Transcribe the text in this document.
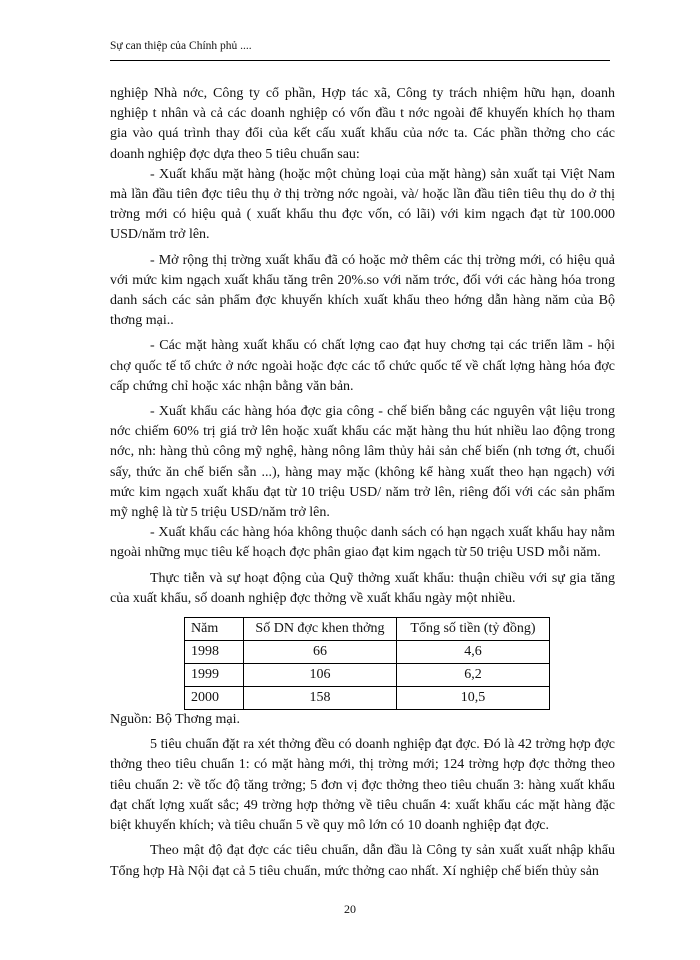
Sự can thiệp của Chính phủ ....

nghiệp Nhà nớc, Công ty cổ phần, Hợp tác xã, Công ty trách nhiệm hữu hạn, doanh nghiệp t nhân và cả các doanh nghiệp có vốn đầu t nớc ngoài để khuyến khích họ tham gia vào quá trình thay đổi của kết cấu xuất khẩu của nớc ta. Các phần thởng cho các doanh nghiệp đợc dựa theo 5 tiêu chuẩn sau:

- Xuất khẩu mặt hàng (hoặc một chủng loại của mặt hàng) sản xuất tại Việt Nam mà lần đầu tiên đợc tiêu thụ ở thị trờng nớc ngoài, và/ hoặc lần đầu tiên tiêu thụ do ở thị trờng mới có hiệu quả ( xuất khẩu thu đợc vốn, có lãi) với kim ngạch đạt từ 100.000 USD/năm trở lên.

- Mở rộng thị trờng xuất khẩu đã có hoặc mở thêm các thị trờng mới, có hiệu quả với mức kim ngạch xuất khẩu tăng trên 20%.so với năm trớc, đối với các hàng hóa trong danh sách các sản phẩm đợc khuyến khích xuất khẩu theo hớng dẫn hàng năm của Bộ thơng mại..

- Các mặt hàng xuất khẩu có chất lợng cao đạt huy chơng tại các triển lãm - hội chợ quốc tế tổ chức ở nớc ngoài hoặc đợc các tổ chức quốc tế về chất lợng hàng hóa đợc cấp chứng chỉ hoặc xác nhận bằng văn bản.

- Xuất khẩu các hàng hóa đợc gia công - chế biến bằng các nguyên vật liệu trong nớc chiếm 60% trị giá trở lên hoặc xuất khẩu các mặt hàng thu hút nhiều lao động trong nớc, nh: hàng thủ công mỹ nghệ, hàng nông lâm thủy hải sản chế biến (nh tơng ớt, chuối sấy, thức ăn chế biến sẵn ...), hàng may mặc (không kể hàng xuất theo hạn ngạch) với mức kim ngạch xuất khẩu đạt từ 10 triệu USD/ năm trở lên, riêng đối với các sản phẩm mỹ nghệ là từ 5 triệu USD/năm trở lên.

- Xuất khẩu các hàng hóa không thuộc danh sách có hạn ngạch xuất khẩu hay nằm ngoài những mục tiêu kế hoạch đợc phân giao đạt kim ngạch từ 50 triệu USD mỗi năm.

Thực tiễn và sự hoạt động của Quỹ thởng xuất khẩu: thuận chiều với sự gia tăng của xuất khẩu, số doanh nghiệp đợc thởng về xuất khẩu ngày một nhiều.

Năm	Số DN đợc khen thởng	Tổng số tiền (tỷ đồng)
1998	66	4,6
1999	106	6,2
2000	158	10,5

Nguồn: Bộ Thơng mại.

5 tiêu chuẩn đặt ra xét thởng đều có doanh nghiệp đạt đợc. Đó là 42 trờng hợp đợc thởng theo tiêu chuẩn 1: có mặt hàng mới, thị trờng mới; 124 trờng hợp đợc thởng theo tiêu chuẩn 2: về tốc độ tăng trởng; 5 đơn vị đợc thởng theo tiêu chuẩn 3: hàng xuất khẩu đạt chất lợng xuất sắc; 49 trờng hợp thởng về tiêu chuẩn 4: xuất khẩu các mặt hàng đặc biệt khuyến khích; và tiêu chuẩn 5 về quy mô lớn có 10 doanh nghiệp đạt đợc.

Theo mật độ đạt đợc các tiêu chuẩn, dẫn đầu là Công ty sản xuất xuất nhập khẩu Tổng hợp Hà Nội đạt cả 5 tiêu chuẩn, mức thởng cao nhất. Xí nghiệp chế biến thủy sản

20
